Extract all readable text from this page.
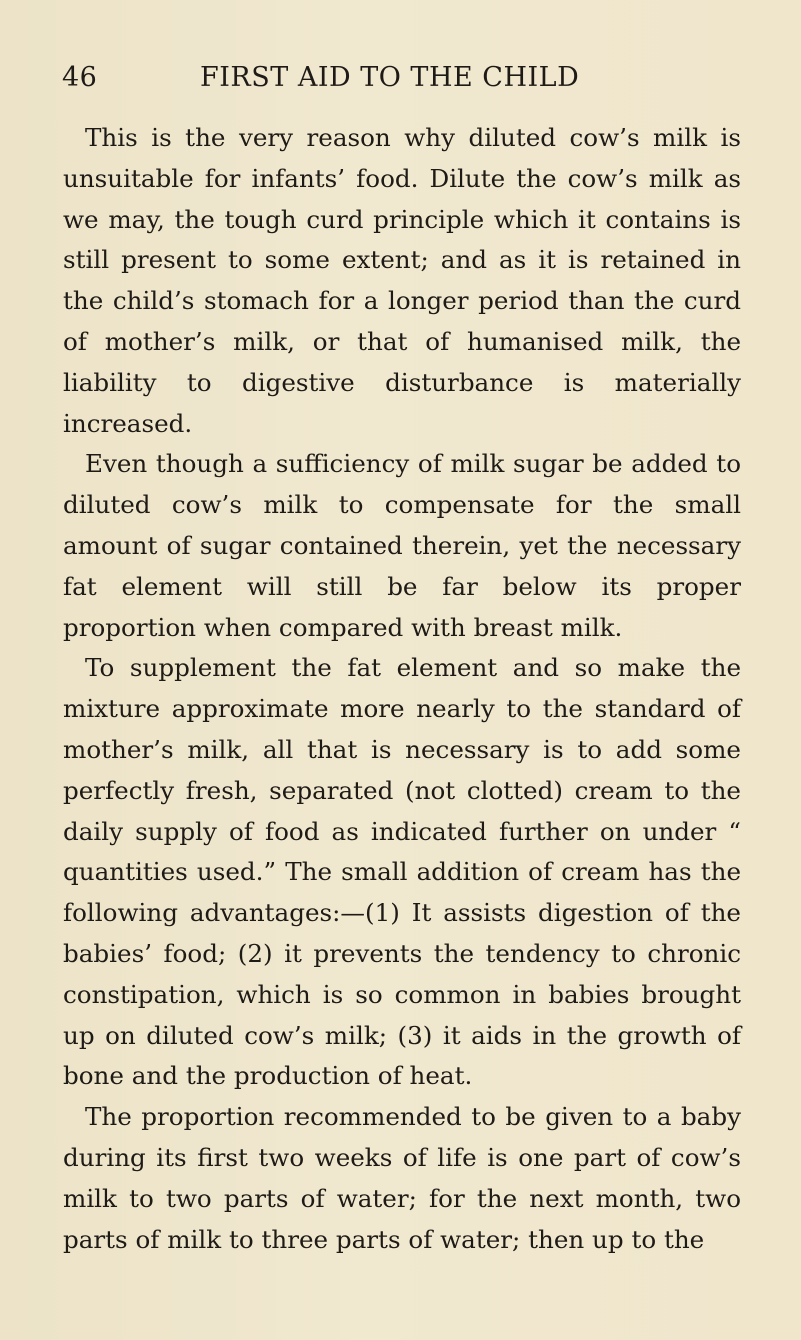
46	FIRST AID TO THE CHILD

This is the very reason why diluted cow’s milk is unsuitable for infants’ food. Dilute the cow’s milk as we may, the tough curd principle which it contains is still present to some extent; and as it is retained in the child’s stomach for a longer period than the curd of mother’s milk, or that of humanised milk, the liability to digestive disturbance is materially increased.

Even though a sufficiency of milk sugar be added to diluted cow’s milk to compensate for the small amount of sugar contained therein, yet the necessary fat element will still be far below its proper proportion when compared with breast milk.

To supplement the fat element and so make the mixture approximate more nearly to the standard of mother’s milk, all that is necessary is to add some perfectly fresh, separated (not clotted) cream to the daily supply of food as indicated further on under “ quantities used.” The small addition of cream has the following advantages:—(1) It assists digestion of the babies’ food; (2) it prevents the tendency to chronic constipation, which is so common in babies brought up on diluted cow’s milk; (3) it aids in the growth of bone and the production of heat.

The proportion recommended to be given to a baby during its first two weeks of life is one part of cow’s milk to two parts of water; for the next month, two parts of milk to three parts of water; then up to the
